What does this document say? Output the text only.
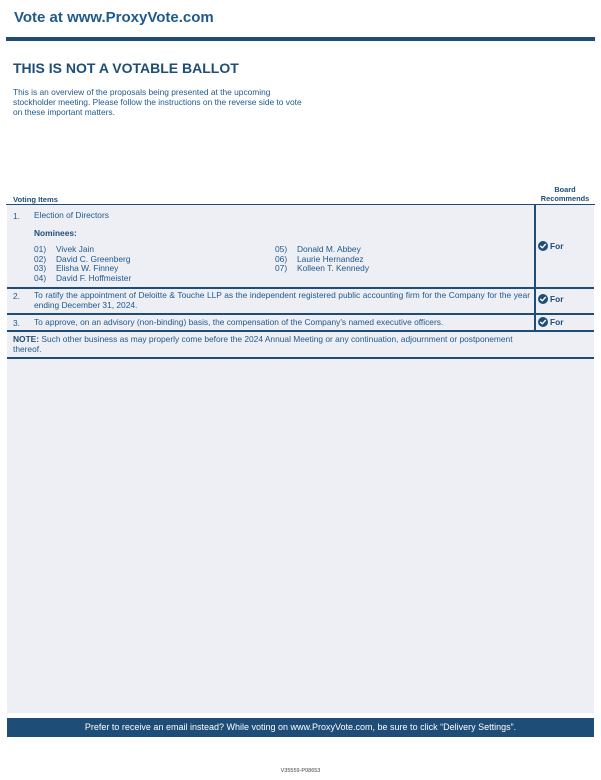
Vote at www.ProxyVote.com
THIS IS NOT A VOTABLE BALLOT
This is an overview of the proposals being presented at the upcoming stockholder meeting. Please follow the instructions on the reverse side to vote on these important matters.
Board Recommends
Voting Items
1. Election of Directors
Nominees:
01) Vivek Jain
02) David C. Greenberg
03) Elisha W. Finney
04) David F. Hoffmeister
05) Donald M. Abbey
06) Laurie Hernandez
07) Kolleen T. Kennedy
For
2. To ratify the appointment of Deloitte & Touche LLP as the independent registered public accounting firm for the Company for the year ending December 31, 2024.
For
3. To approve, on an advisory (non-binding) basis, the compensation of the Company's named executive officers.	For
NOTE: Such other business as may properly come before the 2024 Annual Meeting or any continuation, adjournment or postponement thereof.
Prefer to receive an email instead? While voting on www.ProxyVote.com, be sure to click “Delivery Settings”.
V35559-P08653
